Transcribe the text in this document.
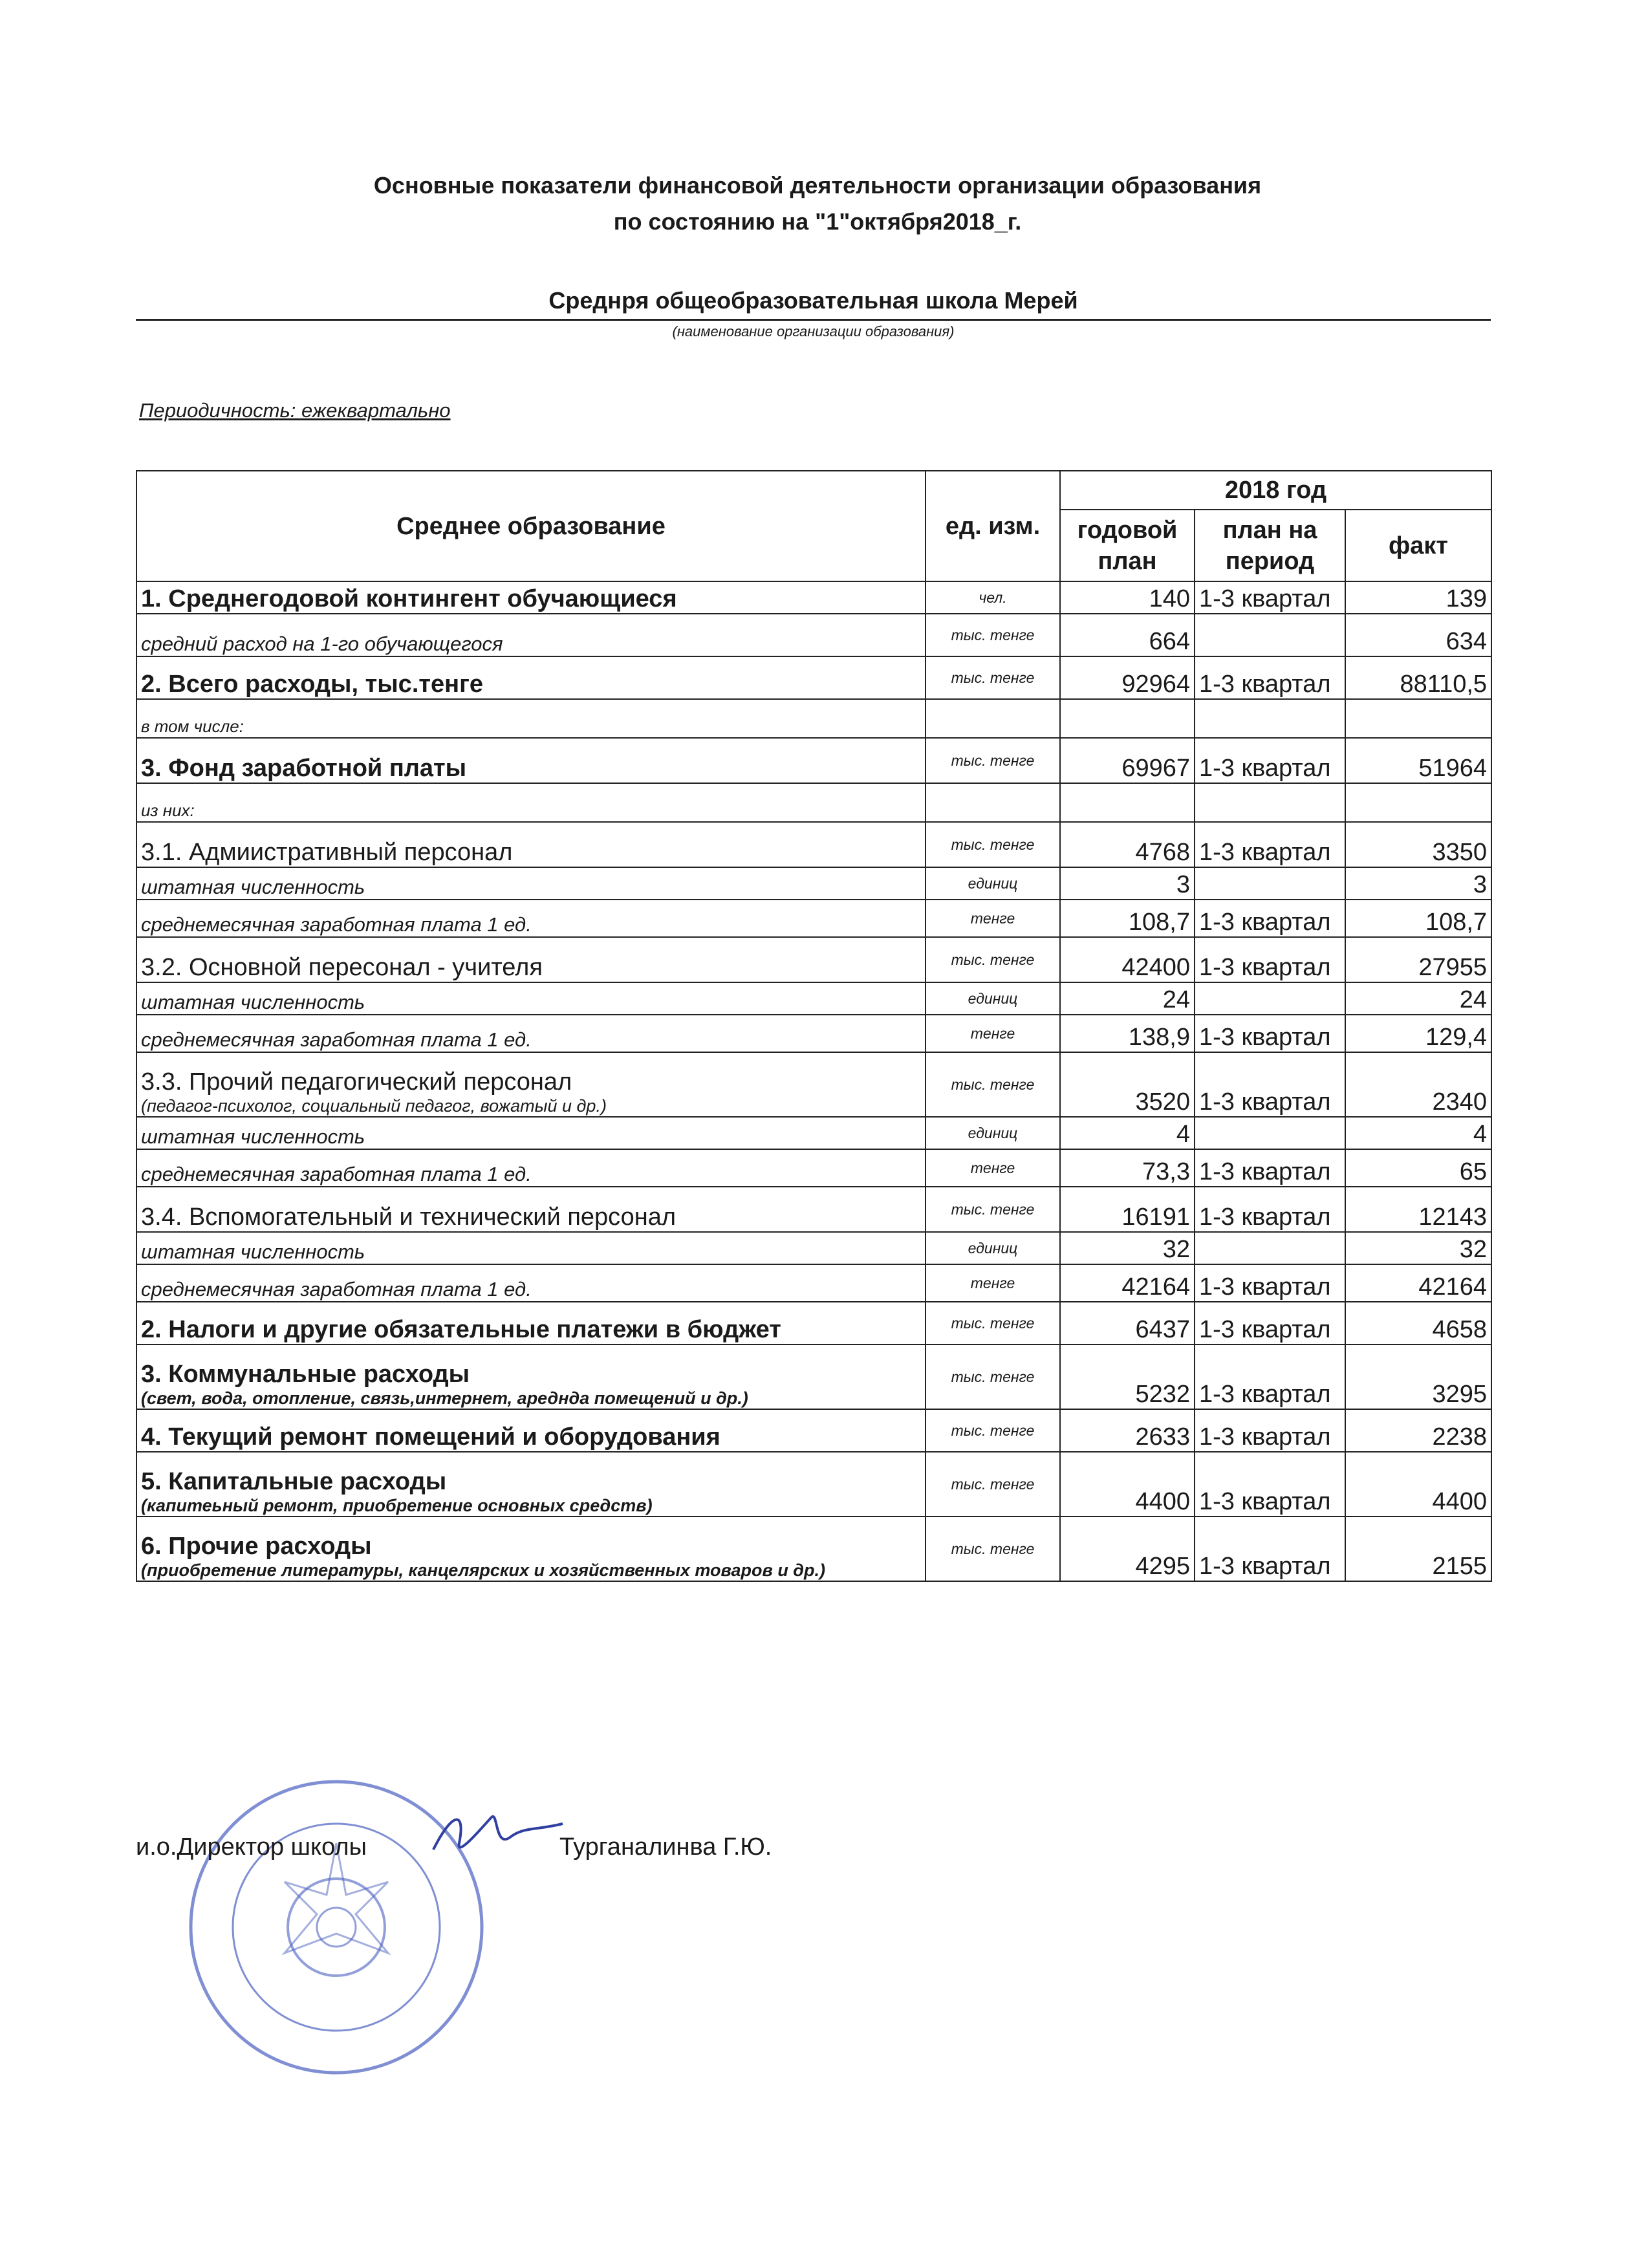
Основные показатели финансовой деятельности организации образования
по состоянию на "1"октября2018_г.
Среднря общеобразовательная школа Мерей
(наименование организации образования)
Периодичность: ежеквартально
Среднее образование	ед. изм.	2018 год		
		годовой план	план на период	факт
1. Среднегодовой контингент обучающиеся	чел.	140	1-3 квартал	139
средний расход на 1-го обучающегося	тыс. тенге	664		634
2. Всего расходы, тыс.тенге	тыс. тенге	92964	1-3 квартал	88110,5
в том числе:				
3. Фонд заработной платы	тыс. тенге	69967	1-3 квартал	51964
из них:				
3.1. Адмиистративный персонал	тыс. тенге	4768	1-3 квартал	3350
штатная численность	единиц	3		3
среднемесячная заработная плата 1 ед.	тенге	108,7	1-3 квартал	108,7
3.2. Основной пересонал - учителя	тыс. тенге	42400	1-3 квартал	27955
штатная численность	единиц	24		24
среднемесячная заработная плата 1 ед.	тенге	138,9	1-3 квартал	129,4

3.3. Прочий педагогический персонал
(педагог-психолог, социальный педагог, вожатый и др.)	тыс. тенге	3520	1-3 квартал	2340
штатная численность	единиц	4		4
среднемесячная заработная плата 1 ед.	тенге	73,3	1-3 квартал	65
3.4. Вспомогательный и технический персонал	тыс. тенге	16191	1-3 квартал	12143
штатная численность	единиц	32		32
среднемесячная заработная плата 1 ед.	тенге	42164	1-3 квартал	42164
2. Налоги и другие обязательные платежи в бюджет	тыс. тенге	6437	1-3 квартал	4658

3. Коммунальные расходы
(свет, вода, отопление, связь,интернет, ареднда помещений и др.)	тыс. тенге	5232	1-3 квартал	3295
4. Текущий ремонт помещений и оборудования	тыс. тенге	2633	1-3 квартал	2238

5. Капитальные расходы
(капитеьный ремонт, приобретение основных средств)	тыс. тенге	4400	1-3 квартал	4400

6. Прочие расходы
(приобретение литературы, канцелярских и хозяйственных товаров и др.)	тыс. тенге	4295	1-3 квартал	2155
и.о.Директор школы	Турганалинва Г.Ю.
